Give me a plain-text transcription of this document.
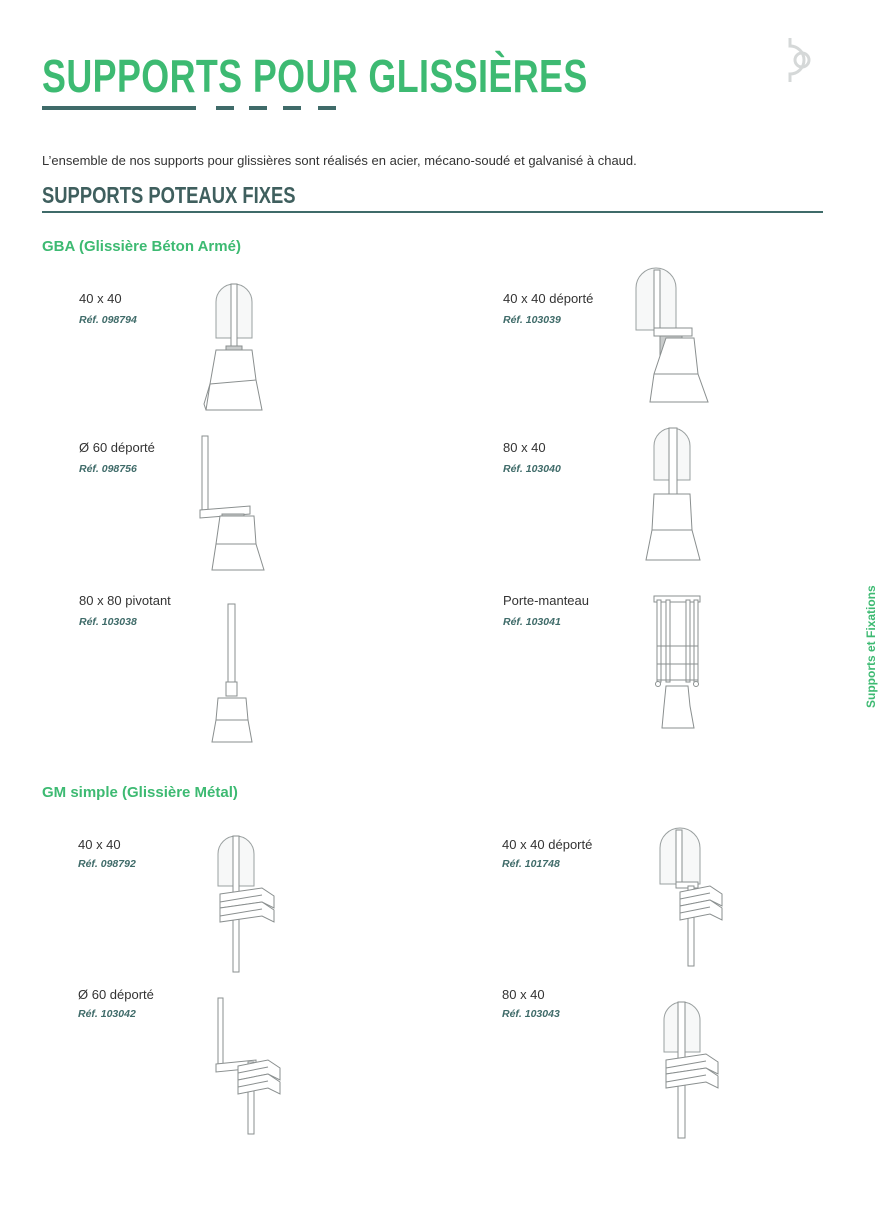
SUPPORTS POUR GLISSIÈRES

L’ensemble de nos supports pour glissières sont réalisés en acier, mécano-soudé et galvanisé à chaud.

SUPPORTS POTEAUX FIXES
GBA (Glissière Béton Armé)
40 x 40
Réf. 098794
40 x 40 déporté
Réf. 103039
Ø 60 déporté
Réf. 098756
80 x 40
Réf. 103040
80 x 80 pivotant
Réf. 103038
Porte-manteau
Réf. 103041
GM simple (Glissière Métal)
40 x 40
Réf. 098792
40 x 40 déporté
Réf. 101748
Ø 60 déporté
Réf. 103042
80 x 40
Réf. 103043
Supports et Fixations
